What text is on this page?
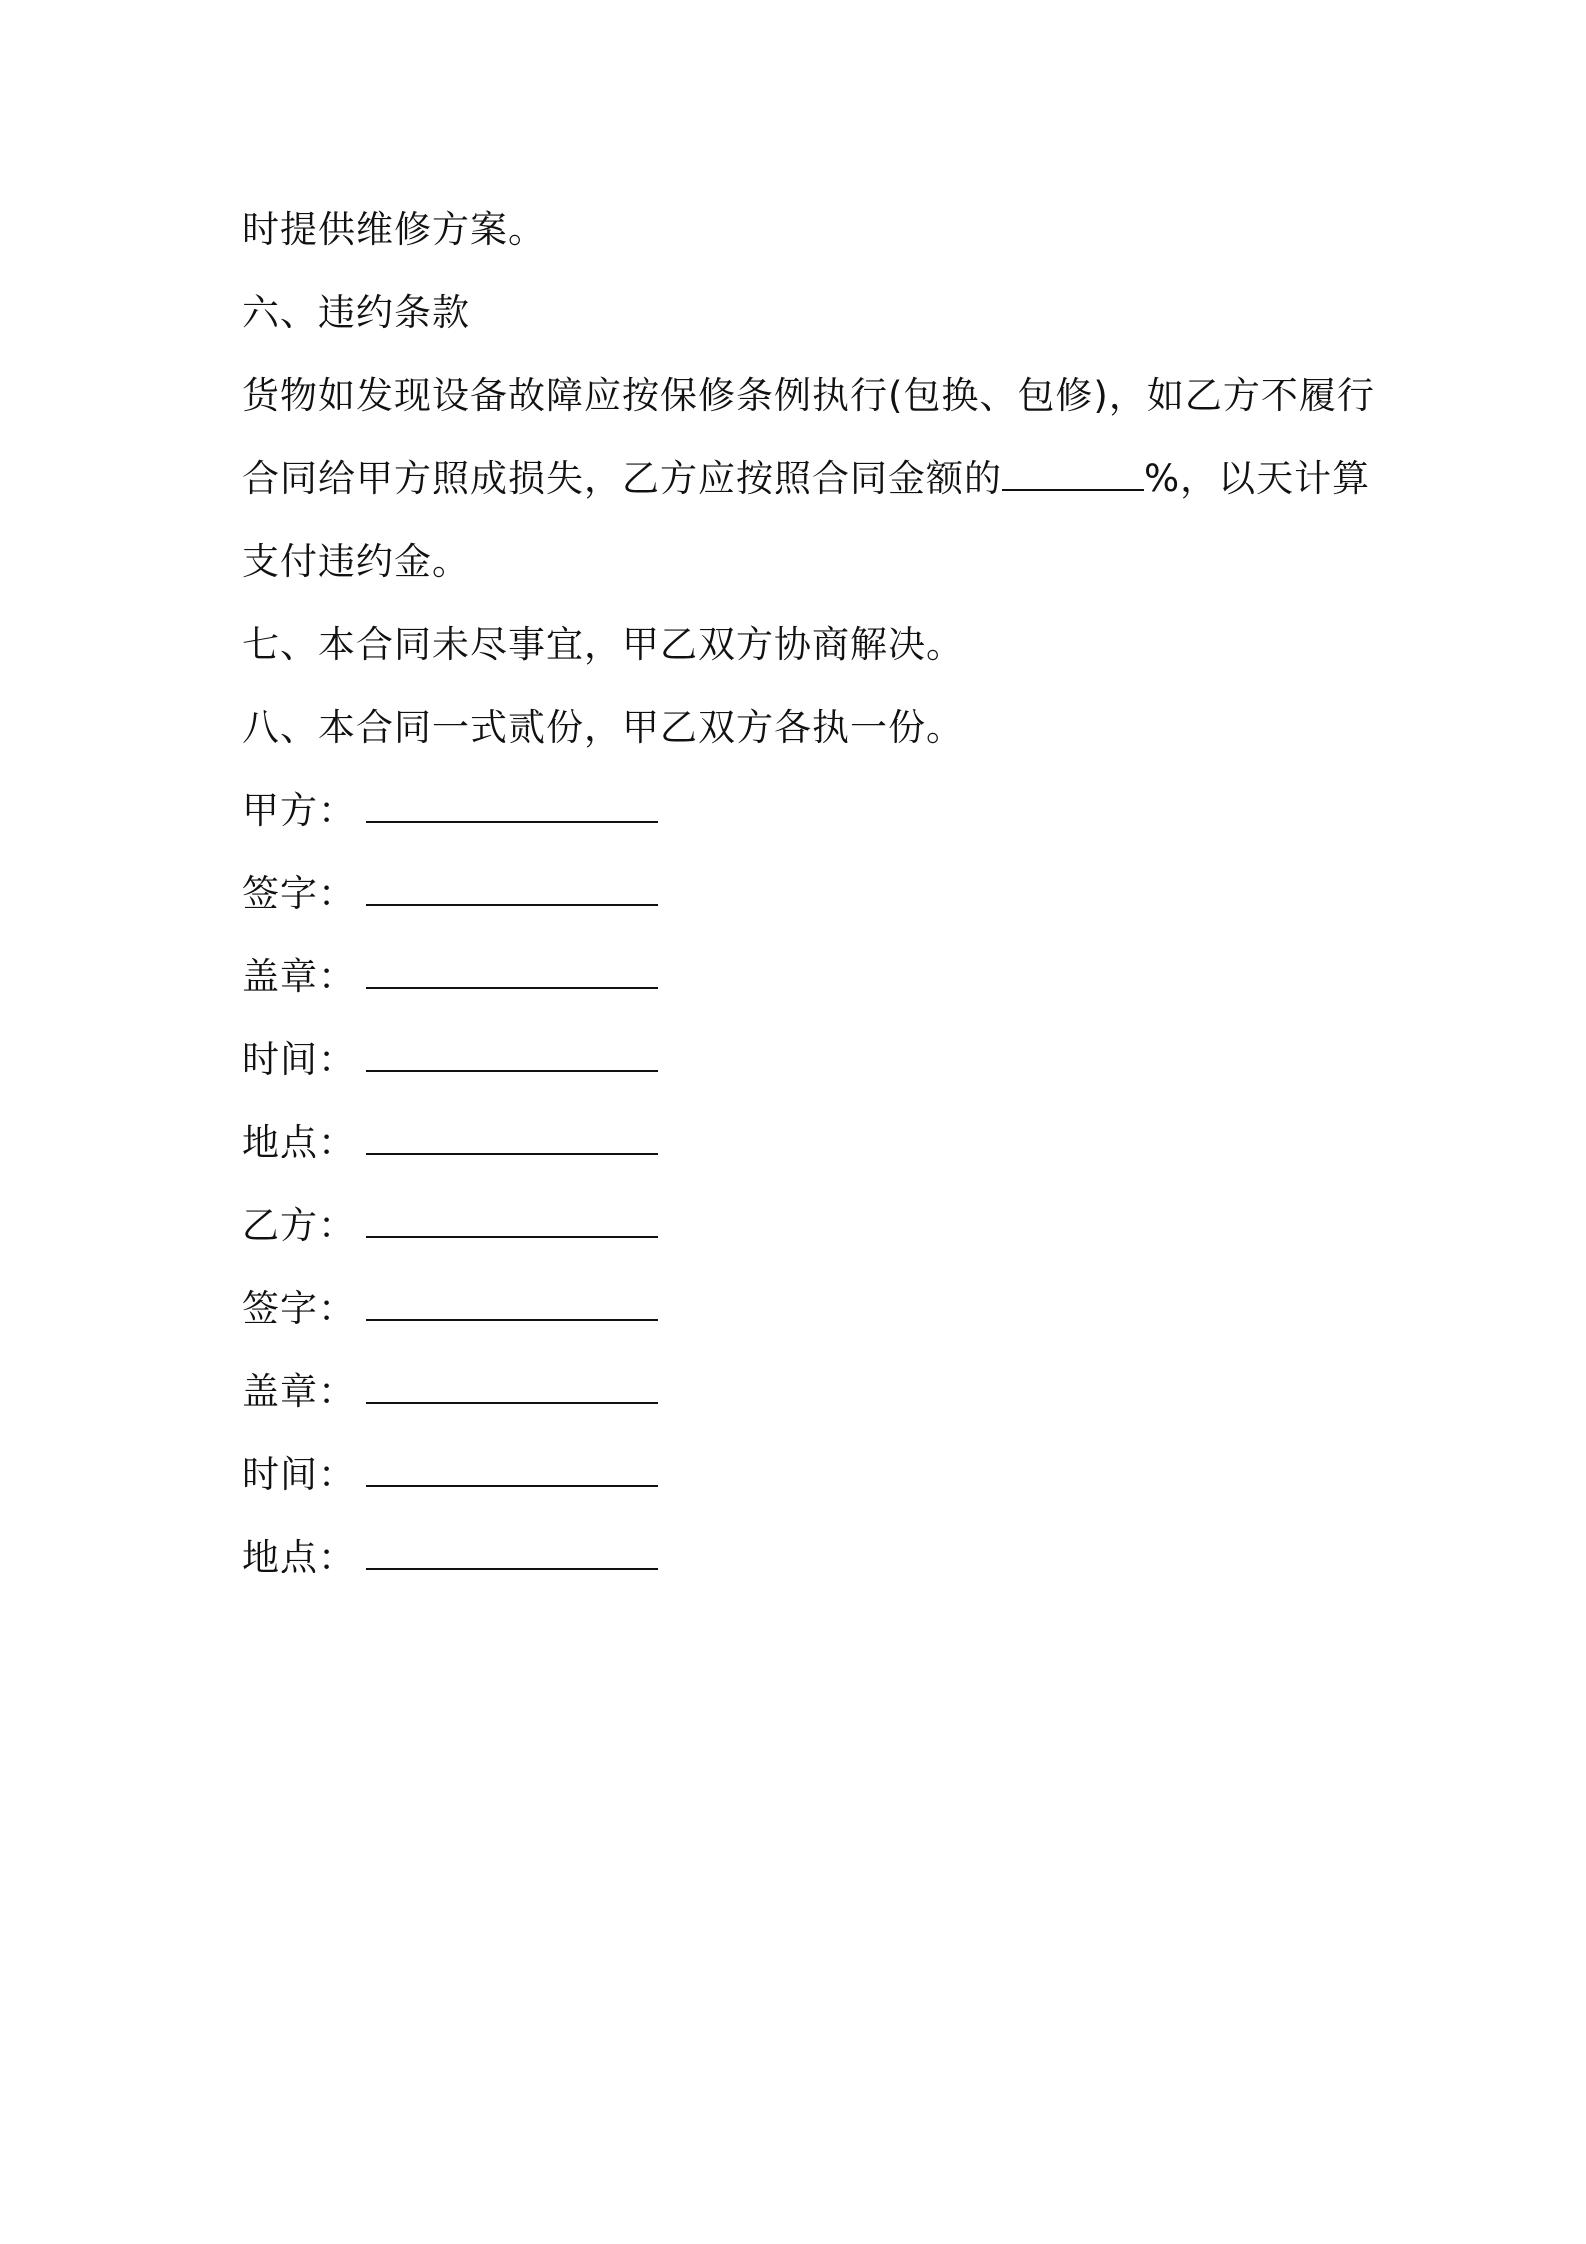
时提供维修方案。
六、违约条款
货物如发现设备故障应按保修条例执行(包换、包修)，如乙方不履行
合同给甲方照成损失，乙方应按照合同金额的	%，以天计算
支付违约金。
七、本合同未尽事宜，甲乙双方协商解决。
八、本合同一式贰份，甲乙双方各执一份。
甲方：
签字：
盖章：
时间：
地点：
乙方：
签字：
盖章：
时间：
地点：
